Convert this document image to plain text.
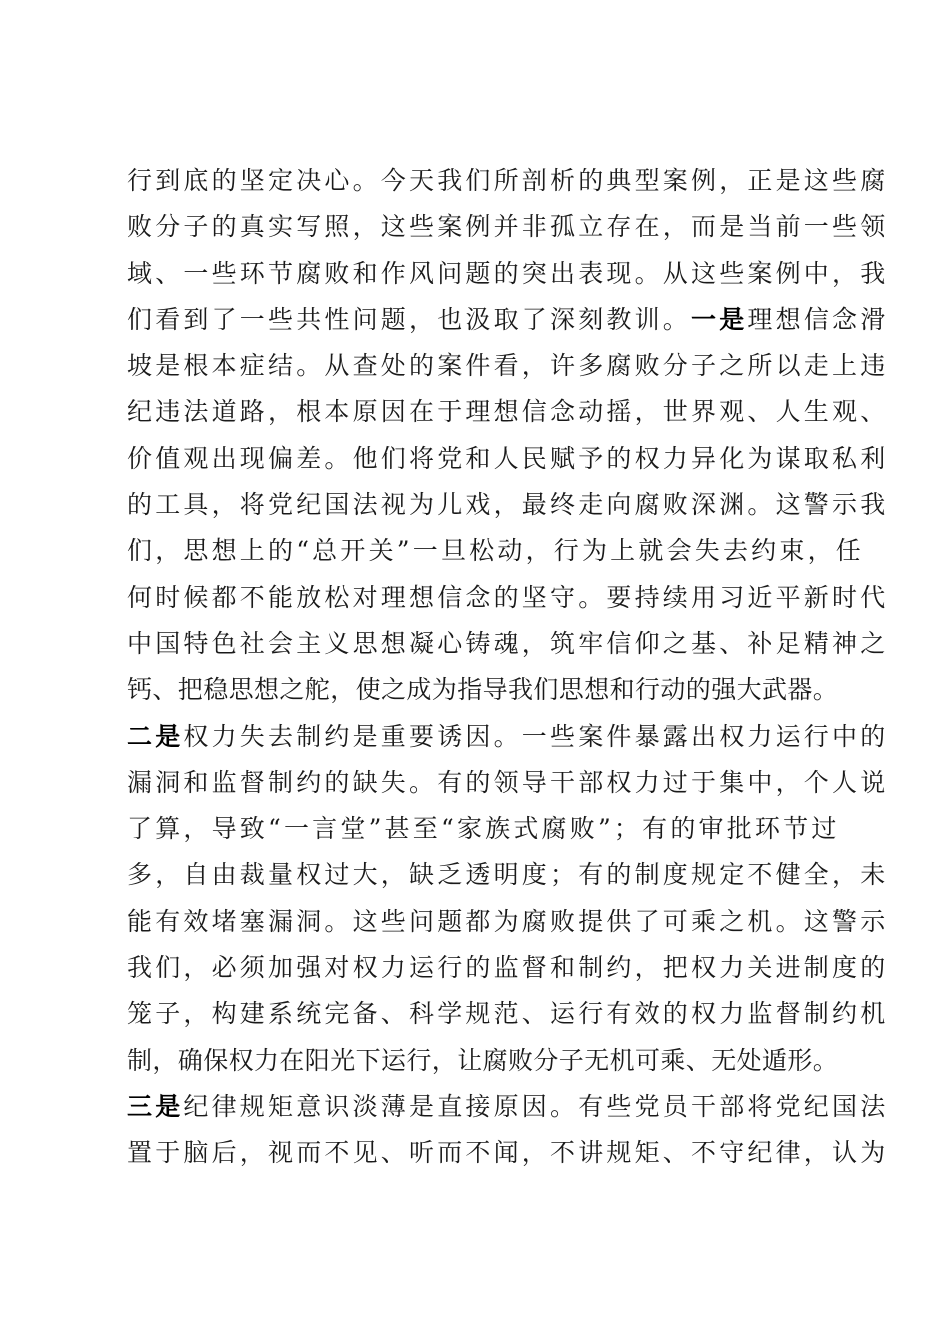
行到底的坚定决心。今天我们所剖析的典型案例，正是这些腐
败分子的真实写照，这些案例并非孤立存在，而是当前一些领
域、一些环节腐败和作风问题的突出表现。从这些案例中，我
们看到了一些共性问题，也汲取了深刻教训。一是理想信念滑
坡是根本症结。从查处的案件看，许多腐败分子之所以走上违
纪违法道路，根本原因在于理想信念动摇，世界观、人生观、
价值观出现偏差。他们将党和人民赋予的权力异化为谋取私利
的工具，将党纪国法视为儿戏，最终走向腐败深渊。这警示我
们，思想上的“总开关”一旦松动，行为上就会失去约束，任
何时候都不能放松对理想信念的坚守。要持续用习近平新时代
中国特色社会主义思想凝心铸魂，筑牢信仰之基、补足精神之
钙、把稳思想之舵，使之成为指导我们思想和行动的强大武器。
二是权力失去制约是重要诱因。一些案件暴露出权力运行中的
漏洞和监督制约的缺失。有的领导干部权力过于集中，个人说
了算，导致“一言堂”甚至“家族式腐败”；有的审批环节过
多，自由裁量权过大，缺乏透明度；有的制度规定不健全，未
能有效堵塞漏洞。这些问题都为腐败提供了可乘之机。这警示
我们，必须加强对权力运行的监督和制约，把权力关进制度的
笼子，构建系统完备、科学规范、运行有效的权力监督制约机
制，确保权力在阳光下运行，让腐败分子无机可乘、无处遁形。
三是纪律规矩意识淡薄是直接原因。有些党员干部将党纪国法
置于脑后，视而不见、听而不闻，不讲规矩、不守纪律，认为
